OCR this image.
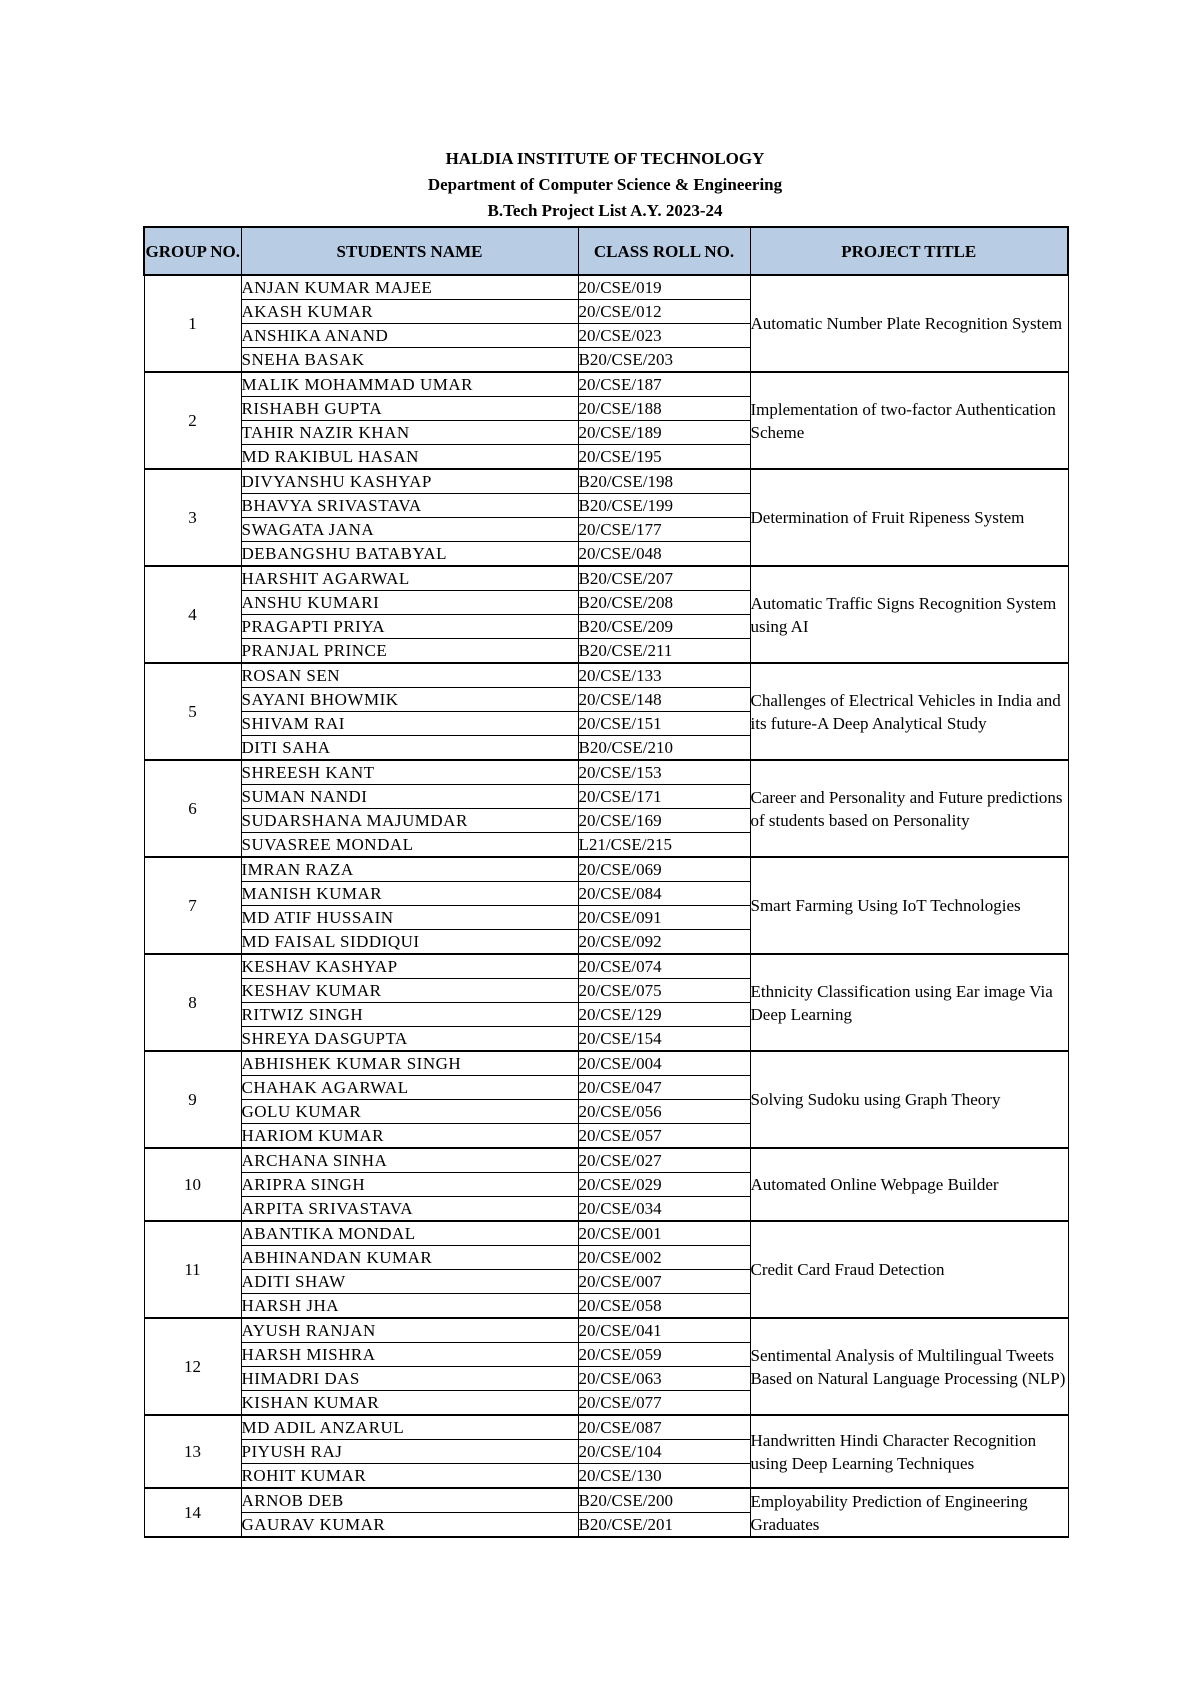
HALDIA INSTITUTE OF TECHNOLOGY
Department of Computer Science & Engineering
B.Tech Project List A.Y. 2023-24
GROUP NO.	STUDENTS NAME	CLASS ROLL NO.	PROJECT TITLE
1	ANJAN KUMAR MAJEE	20/CSE/019	Automatic Number Plate Recognition System
	AKASH KUMAR	20/CSE/012	
	ANSHIKA ANAND	20/CSE/023	
	SNEHA BASAK	B20/CSE/203	
2	MALIK MOHAMMAD UMAR	20/CSE/187	Implementation of two-factor Authentication Scheme
	RISHABH GUPTA	20/CSE/188	
	TAHIR NAZIR KHAN	20/CSE/189	
	MD RAKIBUL HASAN	20/CSE/195	
3	DIVYANSHU KASHYAP	B20/CSE/198	Determination of Fruit Ripeness System
	BHAVYA SRIVASTAVA	B20/CSE/199	
	SWAGATA JANA	20/CSE/177	
	DEBANGSHU BATABYAL	20/CSE/048	
4	HARSHIT AGARWAL	B20/CSE/207	Automatic Traffic Signs Recognition System using AI
	ANSHU KUMARI	B20/CSE/208	
	PRAGAPTI PRIYA	B20/CSE/209	
	PRANJAL PRINCE	B20/CSE/211	
5	ROSAN SEN	20/CSE/133	Challenges of Electrical Vehicles in India and its future-A Deep Analytical Study
	SAYANI BHOWMIK	20/CSE/148	
	SHIVAM RAI	20/CSE/151	
	DITI SAHA	B20/CSE/210	
6	SHREESH KANT	20/CSE/153	Career and Personality and Future predictions of students based on Personality
	SUMAN NANDI	20/CSE/171	
	SUDARSHANA MAJUMDAR	20/CSE/169	
	SUVASREE MONDAL	L21/CSE/215	
7	IMRAN RAZA	20/CSE/069	Smart Farming Using IoT Technologies
	MANISH KUMAR	20/CSE/084	
	MD ATIF HUSSAIN	20/CSE/091	
	MD FAISAL SIDDIQUI	20/CSE/092	
8	KESHAV KASHYAP	20/CSE/074	Ethnicity Classification using Ear image Via Deep Learning
	KESHAV KUMAR	20/CSE/075	
	RITWIZ SINGH	20/CSE/129	
	SHREYA DASGUPTA	20/CSE/154	
9	ABHISHEK KUMAR SINGH	20/CSE/004	Solving Sudoku using Graph Theory
	CHAHAK AGARWAL	20/CSE/047	
	GOLU KUMAR	20/CSE/056	
	HARIOM KUMAR	20/CSE/057	
10	ARCHANA SINHA	20/CSE/027	Automated Online Webpage Builder
	ARIPRA SINGH	20/CSE/029	
	ARPITA SRIVASTAVA	20/CSE/034	
11	ABANTIKA MONDAL	20/CSE/001	Credit Card Fraud Detection
	ABHINANDAN KUMAR	20/CSE/002	
	ADITI SHAW	20/CSE/007	
	HARSH JHA	20/CSE/058	
12	AYUSH RANJAN	20/CSE/041	Sentimental Analysis of Multilingual Tweets Based on Natural Language Processing (NLP)
	HARSH MISHRA	20/CSE/059	
	HIMADRI DAS	20/CSE/063	
	KISHAN KUMAR	20/CSE/077	
13	MD ADIL ANZARUL	20/CSE/087	Handwritten Hindi Character Recognition using Deep Learning Techniques
	PIYUSH RAJ	20/CSE/104	
	ROHIT KUMAR	20/CSE/130	
14	ARNOB DEB	B20/CSE/200	Employability Prediction of Engineering Graduates
	GAURAV KUMAR	B20/CSE/201	
